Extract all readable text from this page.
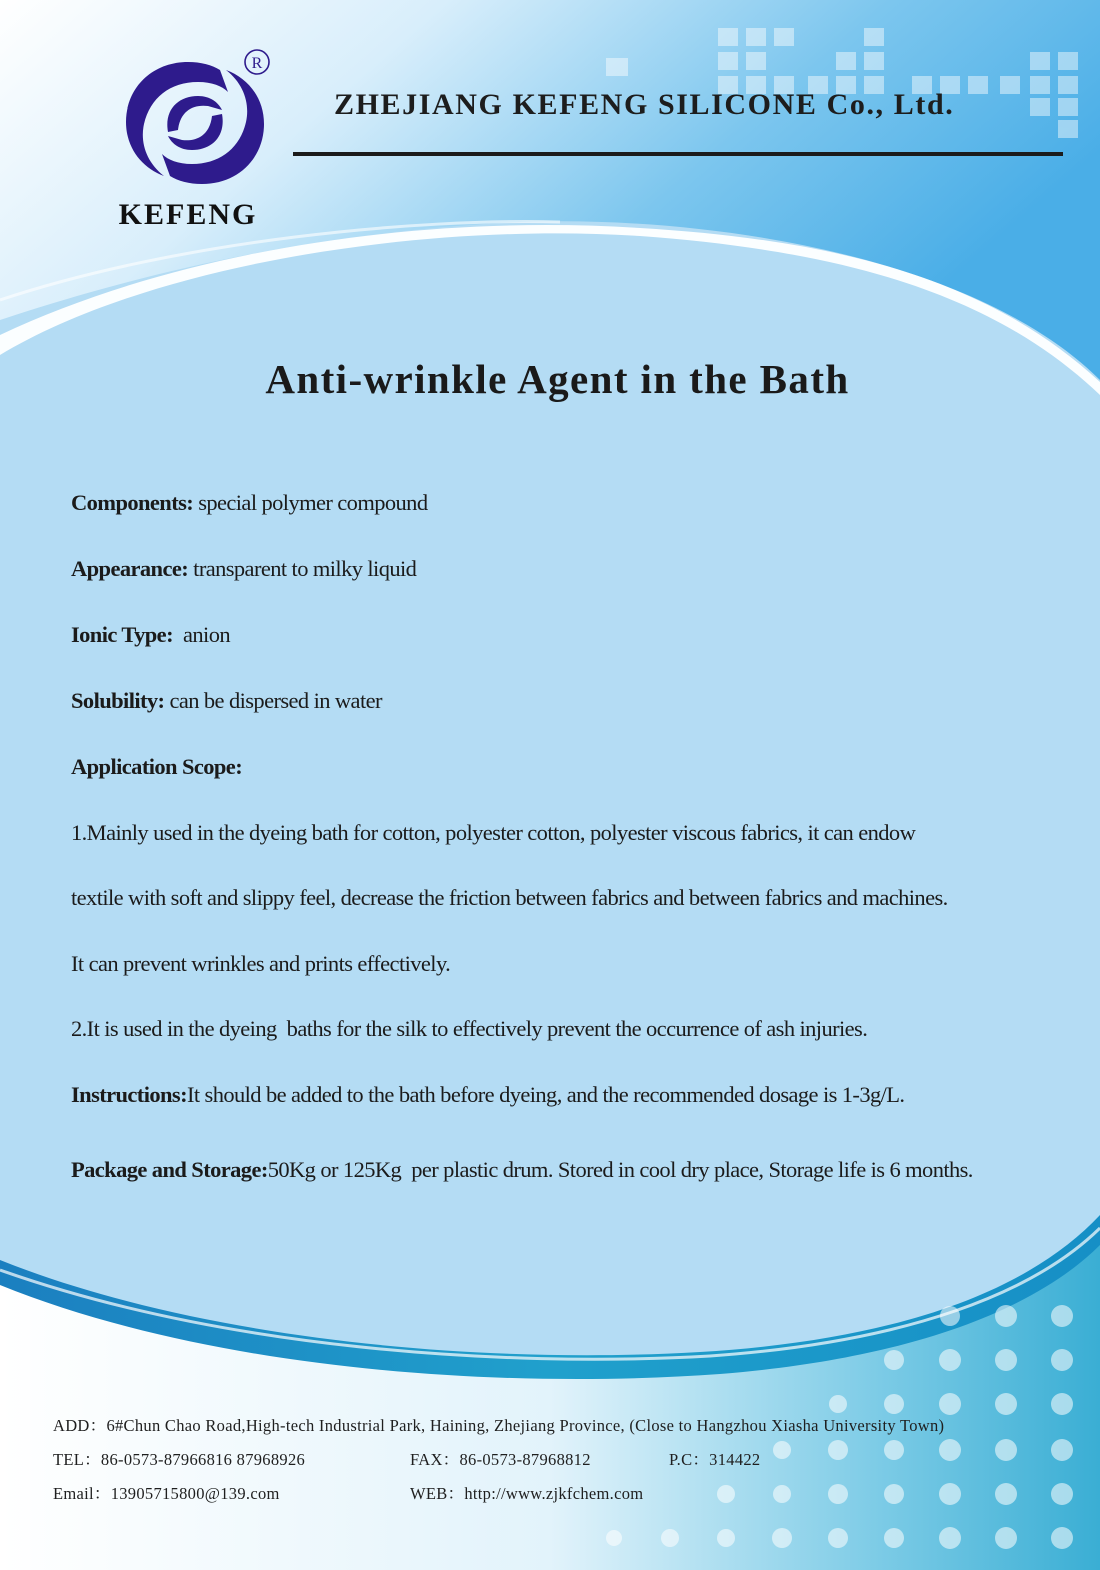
R
KEFENG
ZHEJIANG KEFENG SILICONE Co., Ltd.
Anti-wrinkle Agent in the Bath
Components: special polymer compound
Appearance: transparent to milky liquid
Ionic Type:  anion
Solubility: can be dispersed in water
Application Scope:
1.Mainly used in the dyeing bath for cotton, polyester cotton, polyester viscous fabrics, it can endow
textile with soft and slippy feel, decrease the friction between fabrics and between fabrics and machines.
It can prevent wrinkles and prints effectively.
2.It is used in the dyeing  baths for the silk to effectively prevent the occurrence of ash injuries.
Instructions:It should be added to the bath before dyeing, and the recommended dosage is 1-3g/L.
Package and Storage:50Kg or 125Kg  per plastic drum. Stored in cool dry place, Storage life is 6 months.
ADD：6#Chun Chao Road,High-tech Industrial Park, Haining, Zhejiang Province, (Close to Hangzhou Xiasha University Town)
TEL：86-0573-87966816 87968926	FAX：86-0573-87968812	P.C：314422
Email：13905715800@139.com	WEB：http://www.zjkfchem.com
